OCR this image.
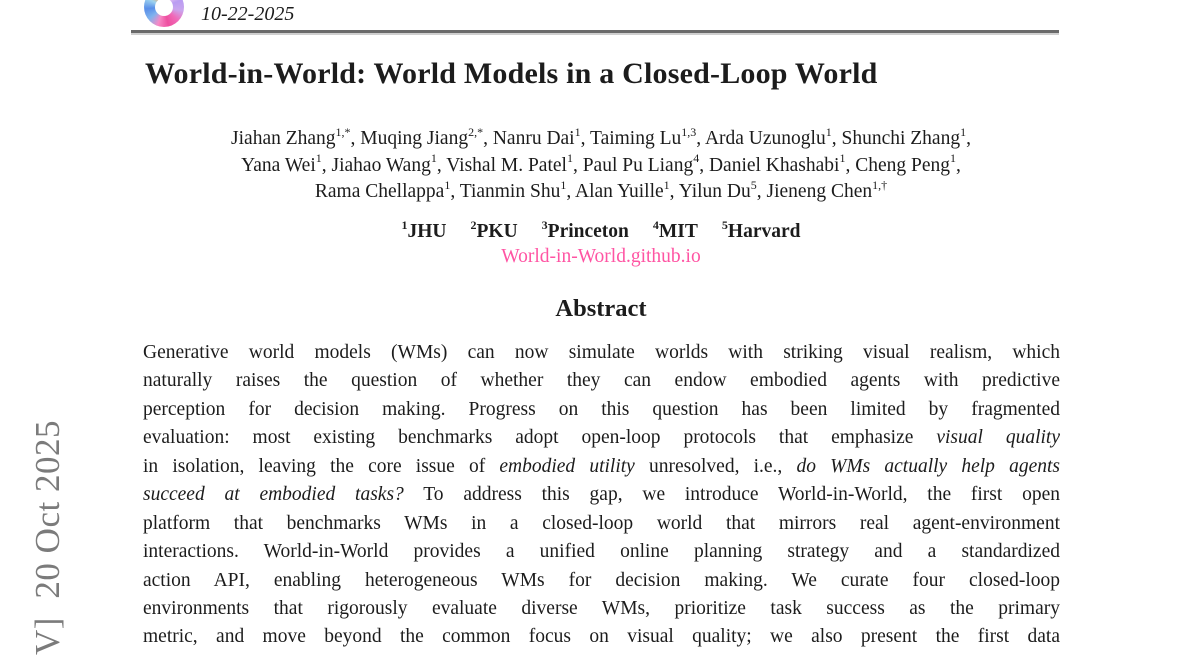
V]  20 Oct 2025
10-22-2025
World-in-World: World Models in a Closed-Loop World
Jiahan Zhang$^{1,*}$, Muqing Jiang$^{2,*}$, Nanru Dai$^1$, Taiming Lu$^{1,3}$, Arda Uzunoglu$^1$, Shunchi Zhang$^1$,
Yana Wei$^1$, Jiahao Wang$^1$, Vishal M. Patel$^1$, Paul Pu Liang$^4$, Daniel Khashabi$^1$, Cheng Peng$^1$,
Rama Chellappa$^1$, Tianmin Shu$^1$, Alan Yuille$^1$, Yilun Du$^5$, Jieneng Chen$^{1,\dagger}$
$^1$JHU $^2$PKU $^3$Princeton $^4$MIT $^5$Harvard
World-in-World.github.io
Abstract
Generative world models (WMs) can now simulate worlds with striking visual realism, which
naturally raises the question of whether they can endow embodied agents with predictive
perception for decision making. Progress on this question has been limited by fragmented
evaluation: most existing benchmarks adopt open-loop protocols that emphasize visual quality
in isolation, leaving the core issue of embodied utility unresolved, i.e., do WMs actually help agents
succeed at embodied tasks? To address this gap, we introduce World-in-World, the first open
platform that benchmarks WMs in a closed-loop world that mirrors real agent-environment
interactions. World-in-World provides a unified online planning strategy and a standardized
action API, enabling heterogeneous WMs for decision making. We curate four closed-loop
environments that rigorously evaluate diverse WMs, prioritize task success as the primary
metric, and move beyond the common focus on visual quality; we also present the first data
